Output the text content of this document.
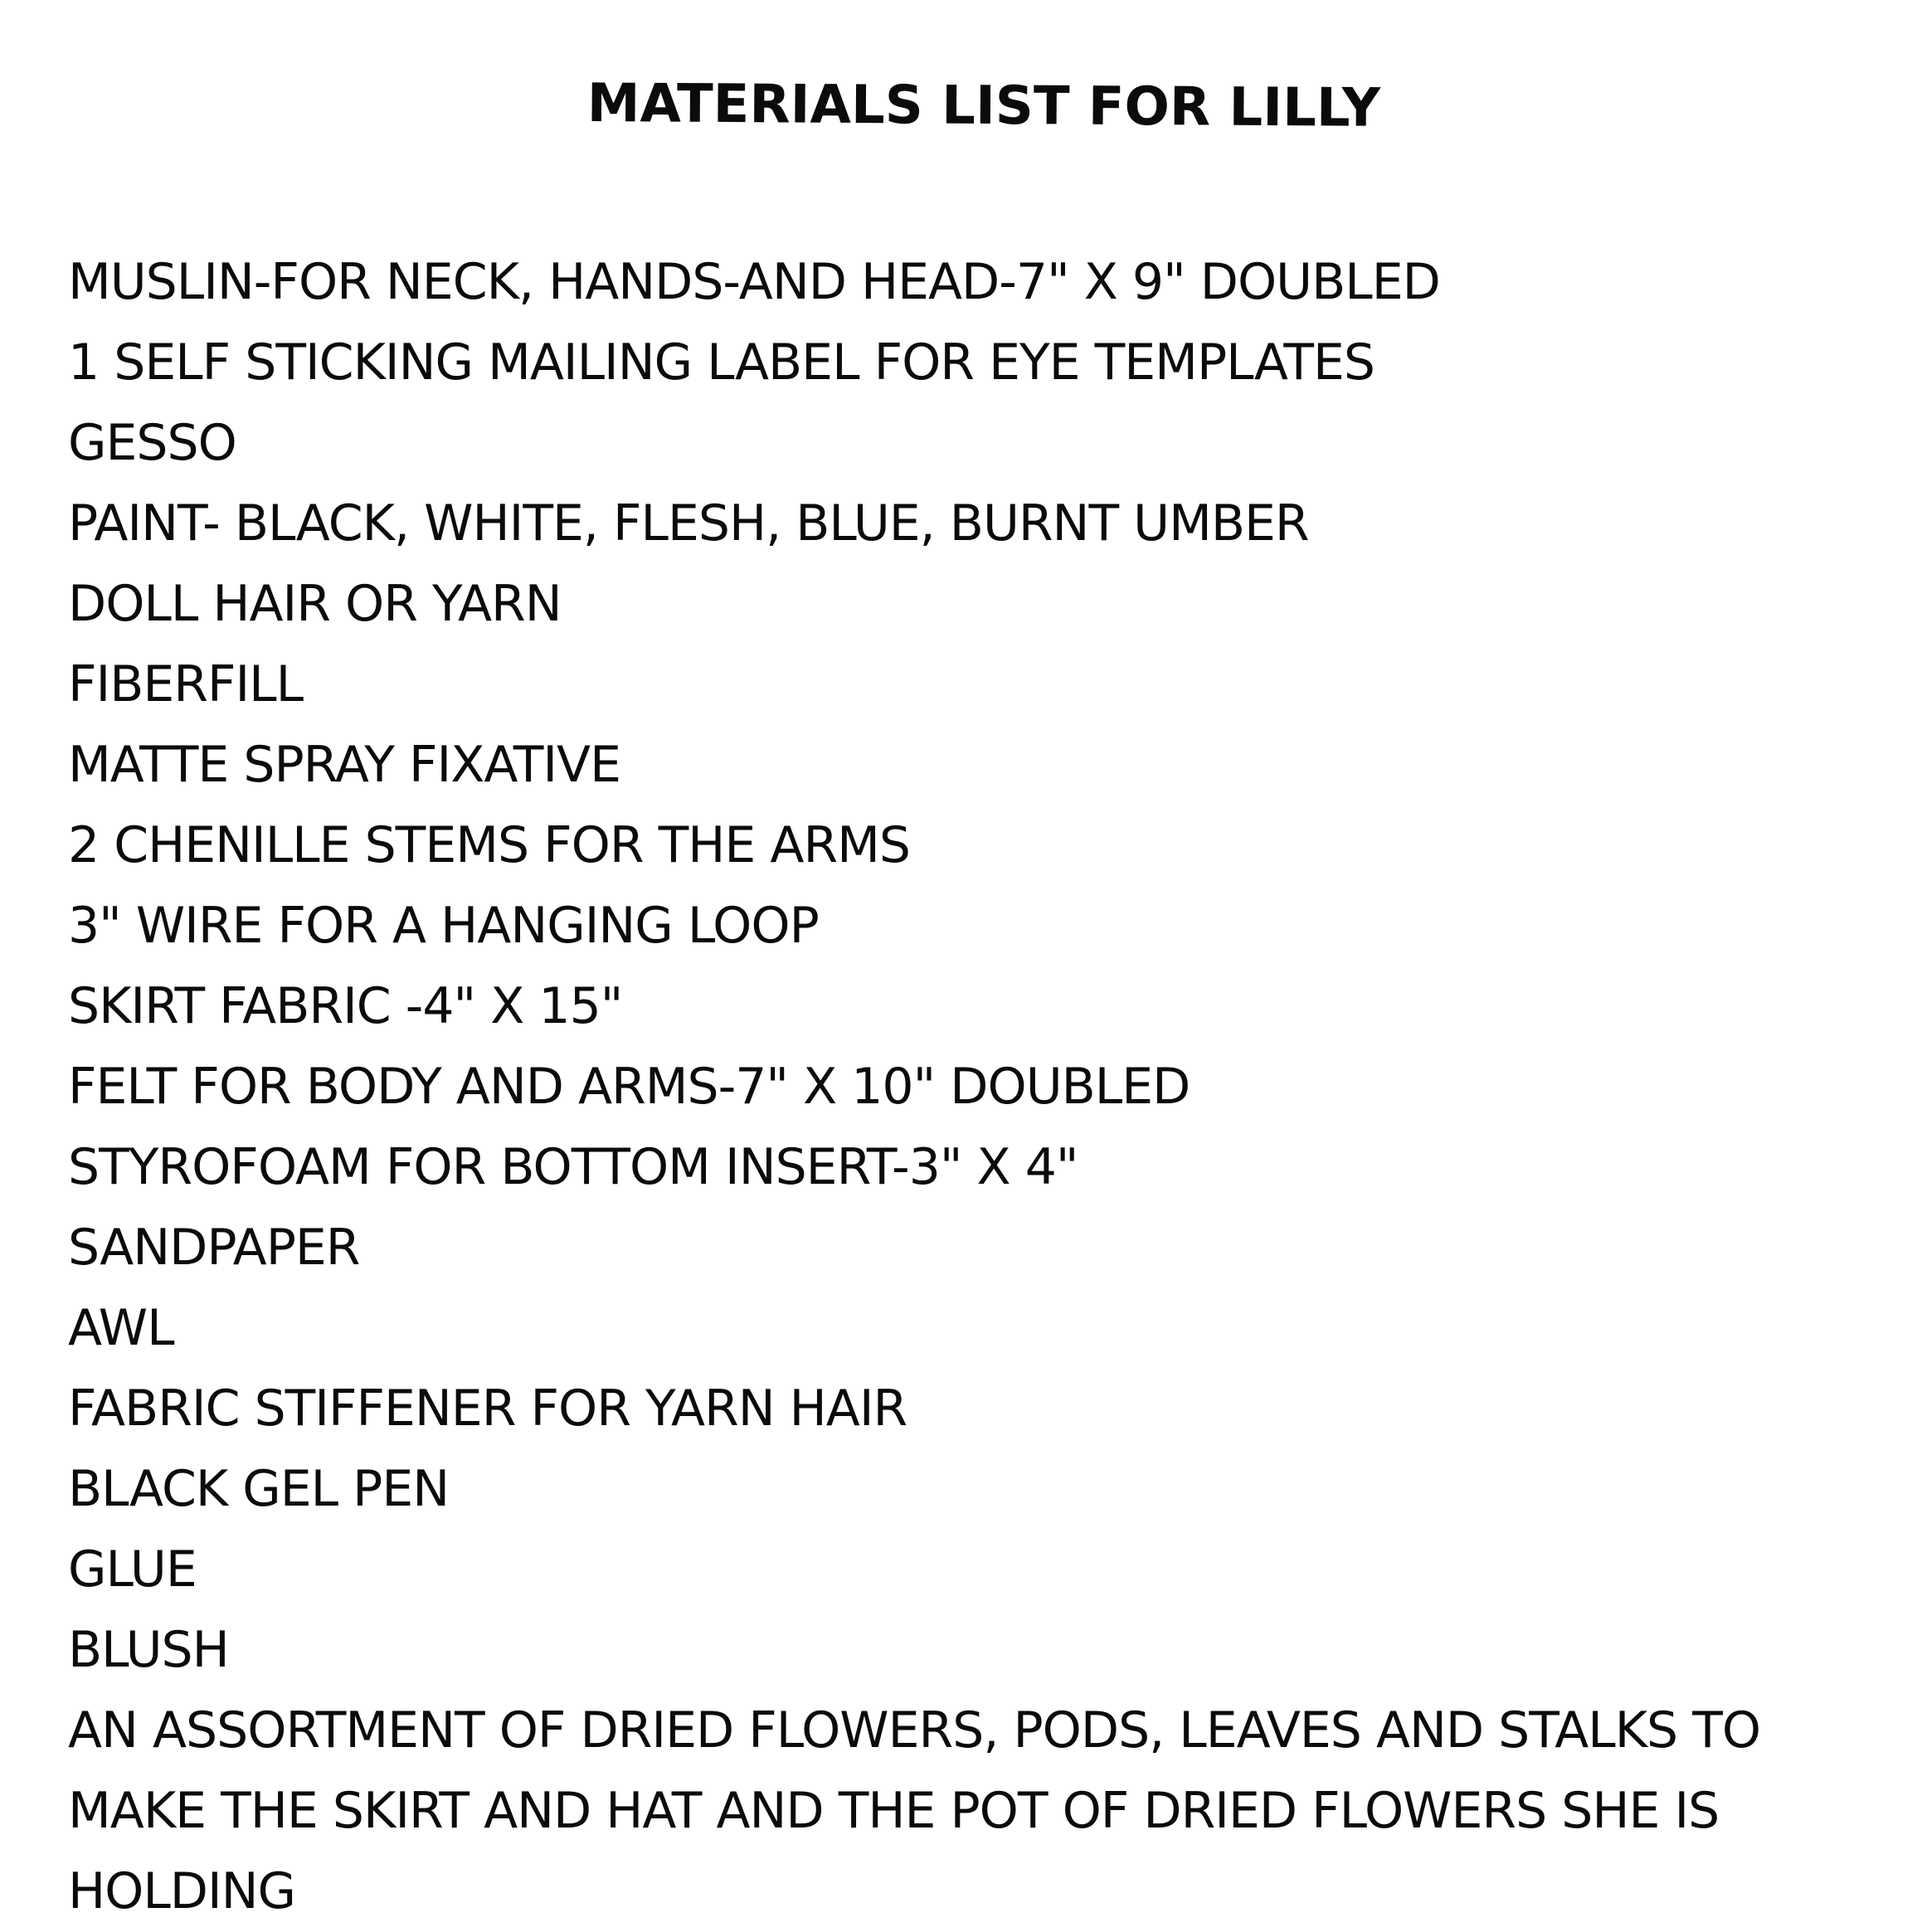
MATERIALS LIST FOR LILLY
MUSLIN-FOR NECK, HANDS-AND HEAD-7" X 9" DOUBLED
1 SELF STICKING MAILING LABEL FOR EYE TEMPLATES
GESSO
PAINT- BLACK, WHITE, FLESH, BLUE, BURNT UMBER
DOLL HAIR OR YARN
FIBERFILL
MATTE SPRAY FIXATIVE
2 CHENILLE STEMS FOR THE ARMS
3" WIRE FOR A HANGING LOOP
SKIRT FABRIC -4" X 15"
FELT FOR BODY AND ARMS-7" X 10" DOUBLED
STYROFOAM FOR BOTTOM INSERT-3" X 4"
SANDPAPER
AWL
FABRIC STIFFENER FOR YARN HAIR
BLACK GEL PEN
GLUE
BLUSH
AN ASSORTMENT OF DRIED FLOWERS, PODS, LEAVES AND STALKS TO
MAKE THE SKIRT AND HAT AND THE POT OF DRIED FLOWERS SHE IS
HOLDING
